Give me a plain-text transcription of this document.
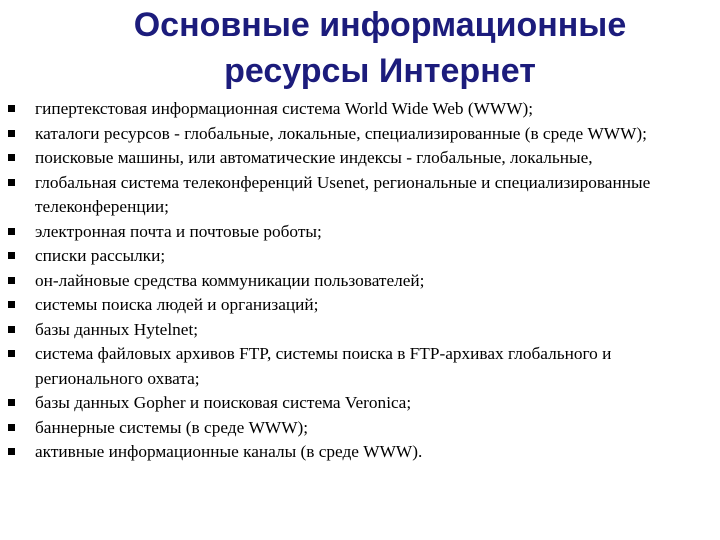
Основные информационные ресурсы Интернет
гипертекстовая информационная система World Wide Web (WWW);
каталоги ресурсов - глобальные, локальные, специализированные (в среде WWW);
поисковые машины, или автоматические индексы - глобальные, локальные,
глобальная система телеконференций Usenet, региональные и специализированные телеконференции;
электронная почта и почтовые роботы;
списки рассылки;
он-лайновые средства коммуникации пользователей;
системы поиска людей и организаций;
базы данных Hytelnet;
система файловых архивов FTP, системы поиска в FTP-архивах глобального и регионального охвата;
базы данных Gopher и поисковая система Veronica;
баннерные системы (в среде WWW);
активные информационные каналы (в среде WWW).
